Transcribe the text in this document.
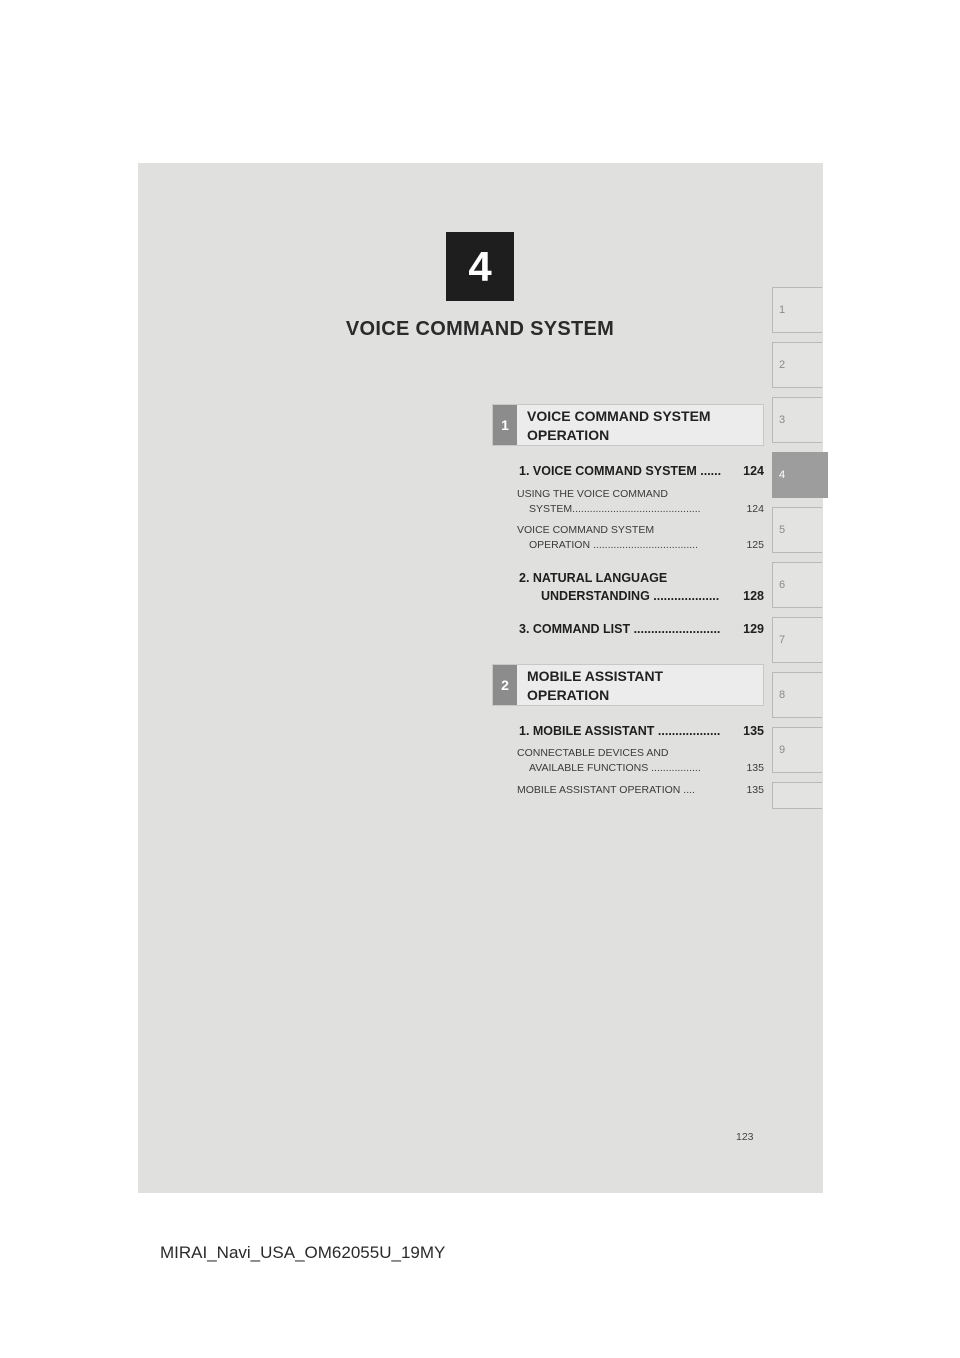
4
VOICE COMMAND SYSTEM
1
2
3
4
5
6
7
8
9
1
VOICE COMMAND SYSTEM
OPERATION
1. VOICE COMMAND SYSTEM ...... 124
USING THE VOICE COMMAND
SYSTEM............................................	124
VOICE COMMAND SYSTEM
OPERATION ....................................	125
2. NATURAL LANGUAGE
UNDERSTANDING ................... 128
3. COMMAND LIST ......................... 129
2
MOBILE ASSISTANT
OPERATION
1. MOBILE ASSISTANT .................. 135
CONNECTABLE DEVICES AND
AVAILABLE FUNCTIONS .................	135
MOBILE ASSISTANT OPERATION ....	135
123
MIRAI_Navi_USA_OM62055U_19MY
